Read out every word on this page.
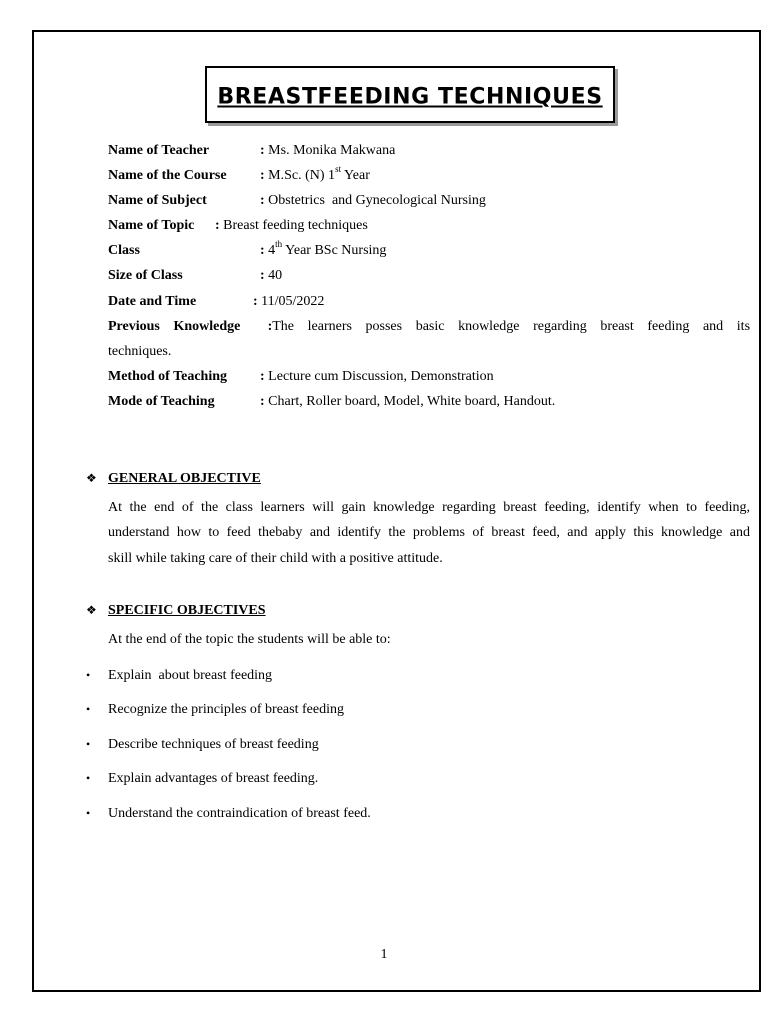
BREASTFEEDING TECHNIQUES
Name of Teacher	: Ms. Monika Makwana
Name of the Course : M.Sc. (N) 1st Year
Name of Subject	: Obstetrics  and Gynecological Nursing
Name of Topic : Breast feeding techniques
Class	: 4th Year BSc Nursing
Size of Class	: 40
Date and Time	: 11/05/2022
Previous Knowledge :The learners posses basic knowledge regarding breast feeding and its
techniques.
Method of Teaching : Lecture cum Discussion, Demonstration
Mode of Teaching	: Chart, Roller board, Model, White board, Handout.
❖ GENERAL OBJECTIVE
At the end of the class learners will gain knowledge regarding breast feeding, identify when to feeding,
understand how to feed thebaby and identify the problems of breast feed, and apply this knowledge and
skill while taking care of their child with a positive attitude.
❖ SPECIFIC OBJECTIVES
At the end of the topic the students will be able to:
• Explain  about breast feeding
• Recognize the principles of breast feeding
• Describe techniques of breast feeding
• Explain advantages of breast feeding.
• Understand the contraindication of breast feed.
1
